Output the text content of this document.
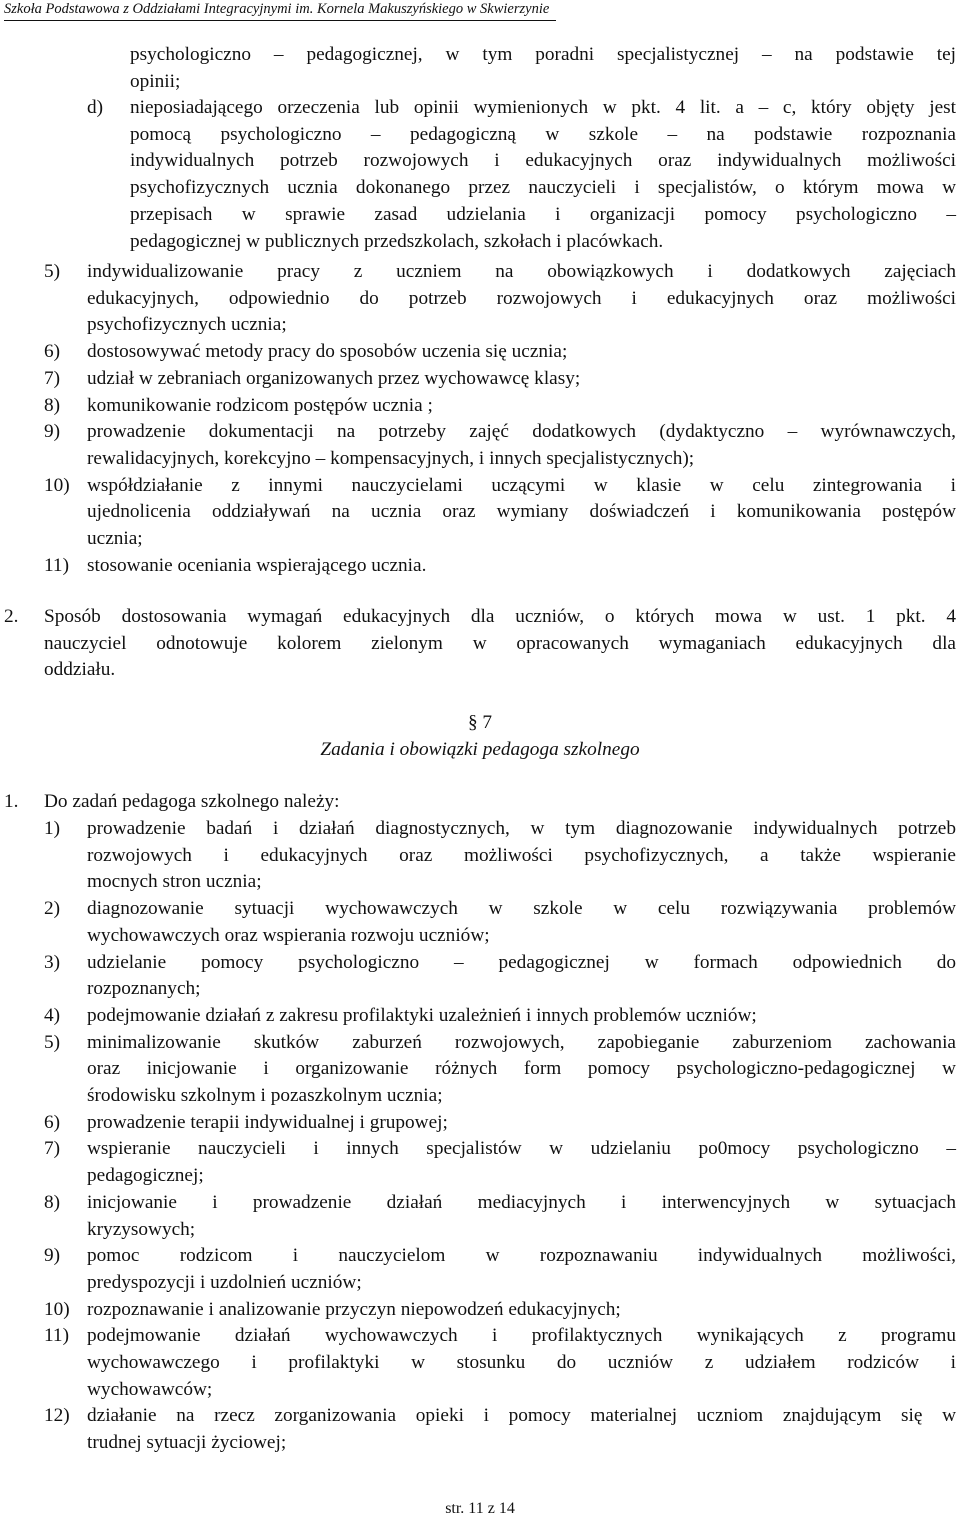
Szkoła Podstawowa z Oddziałami Integracyjnymi im. Kornela Makuszyńskiego w Skwierzynie
psychologiczno – pedagogicznej, w tym poradni specjalistycznej – na podstawie tej
opinii;
d)	nieposiadającego orzeczenia lub opinii wymienionych w pkt. 4 lit. a – c, który objęty jest
pomocą psychologiczno – pedagogiczną w szkole – na podstawie rozpoznania
indywidualnych potrzeb rozwojowych i edukacyjnych oraz indywidualnych możliwości
psychofizycznych ucznia dokonanego przez nauczycieli i specjalistów, o którym mowa w
przepisach w sprawie zasad udzielania i organizacji pomocy psychologiczno –
pedagogicznej w publicznych przedszkolach, szkołach i placówkach.
5)	indywidualizowanie pracy z uczniem na obowiązkowych i dodatkowych zajęciach
edukacyjnych, odpowiednio do potrzeb rozwojowych i edukacyjnych oraz możliwości
psychofizycznych ucznia;
6)	dostosowywać metody pracy do sposobów uczenia się ucznia;
7)	udział w zebraniach organizowanych przez wychowawcę klasy;
8)	komunikowanie rodzicom postępów ucznia ;
9)	prowadzenie dokumentacji na potrzeby zajęć dodatkowych (dydaktyczno – wyrównawczych,
rewalidacyjnych, korekcyjno – kompensacyjnych, i innych specjalistycznych);
10) współdziałanie z innymi nauczycielami uczącymi w klasie w celu zintegrowania i
ujednolicenia oddziaływań na ucznia oraz wymiany doświadczeń i komunikowania postępów
ucznia;
11) stosowanie oceniania wspierającego ucznia.
2.	Sposób dostosowania wymagań edukacyjnych dla uczniów, o których mowa w ust. 1 pkt. 4
nauczyciel odnotowuje kolorem zielonym w opracowanych wymaganiach edukacyjnych dla
oddziału.
§ 7
Zadania i obowiązki pedagoga szkolnego
1.	Do zadań pedagoga szkolnego należy:
1)	prowadzenie badań i działań diagnostycznych, w tym diagnozowanie indywidualnych potrzeb
rozwojowych i edukacyjnych oraz możliwości psychofizycznych, a także wspieranie
mocnych stron ucznia;
2)	diagnozowanie sytuacji wychowawczych w szkole w celu rozwiązywania problemów
wychowawczych oraz wspierania rozwoju uczniów;
3)	udzielanie pomocy psychologiczno – pedagogicznej w formach odpowiednich do
rozpoznanych;
4)	podejmowanie działań z zakresu profilaktyki uzależnień i innych problemów uczniów;
5)	minimalizowanie skutków zaburzeń rozwojowych, zapobieganie zaburzeniom zachowania
oraz inicjowanie i organizowanie różnych form pomocy psychologiczno-pedagogicznej w
środowisku szkolnym i pozaszkolnym ucznia;
6)	prowadzenie terapii indywidualnej i grupowej;
7)	wspieranie nauczycieli i innych specjalistów w udzielaniu po0mocy psychologiczno –
pedagogicznej;
8)	inicjowanie i prowadzenie działań mediacyjnych i interwencyjnych w sytuacjach
kryzysowych;
9)	pomoc rodzicom i nauczycielom w rozpoznawaniu indywidualnych możliwości,
predyspozycji i uzdolnień uczniów;
10) rozpoznawanie i analizowanie przyczyn niepowodzeń edukacyjnych;
11) podejmowanie działań wychowawczych i profilaktycznych wynikających z programu
wychowawczego i profilaktyki w stosunku do uczniów z udziałem rodziców i
wychowawców;
12) działanie na rzecz zorganizowania opieki i pomocy materialnej uczniom znajdującym się w
trudnej sytuacji życiowej;
str. 11 z 14
